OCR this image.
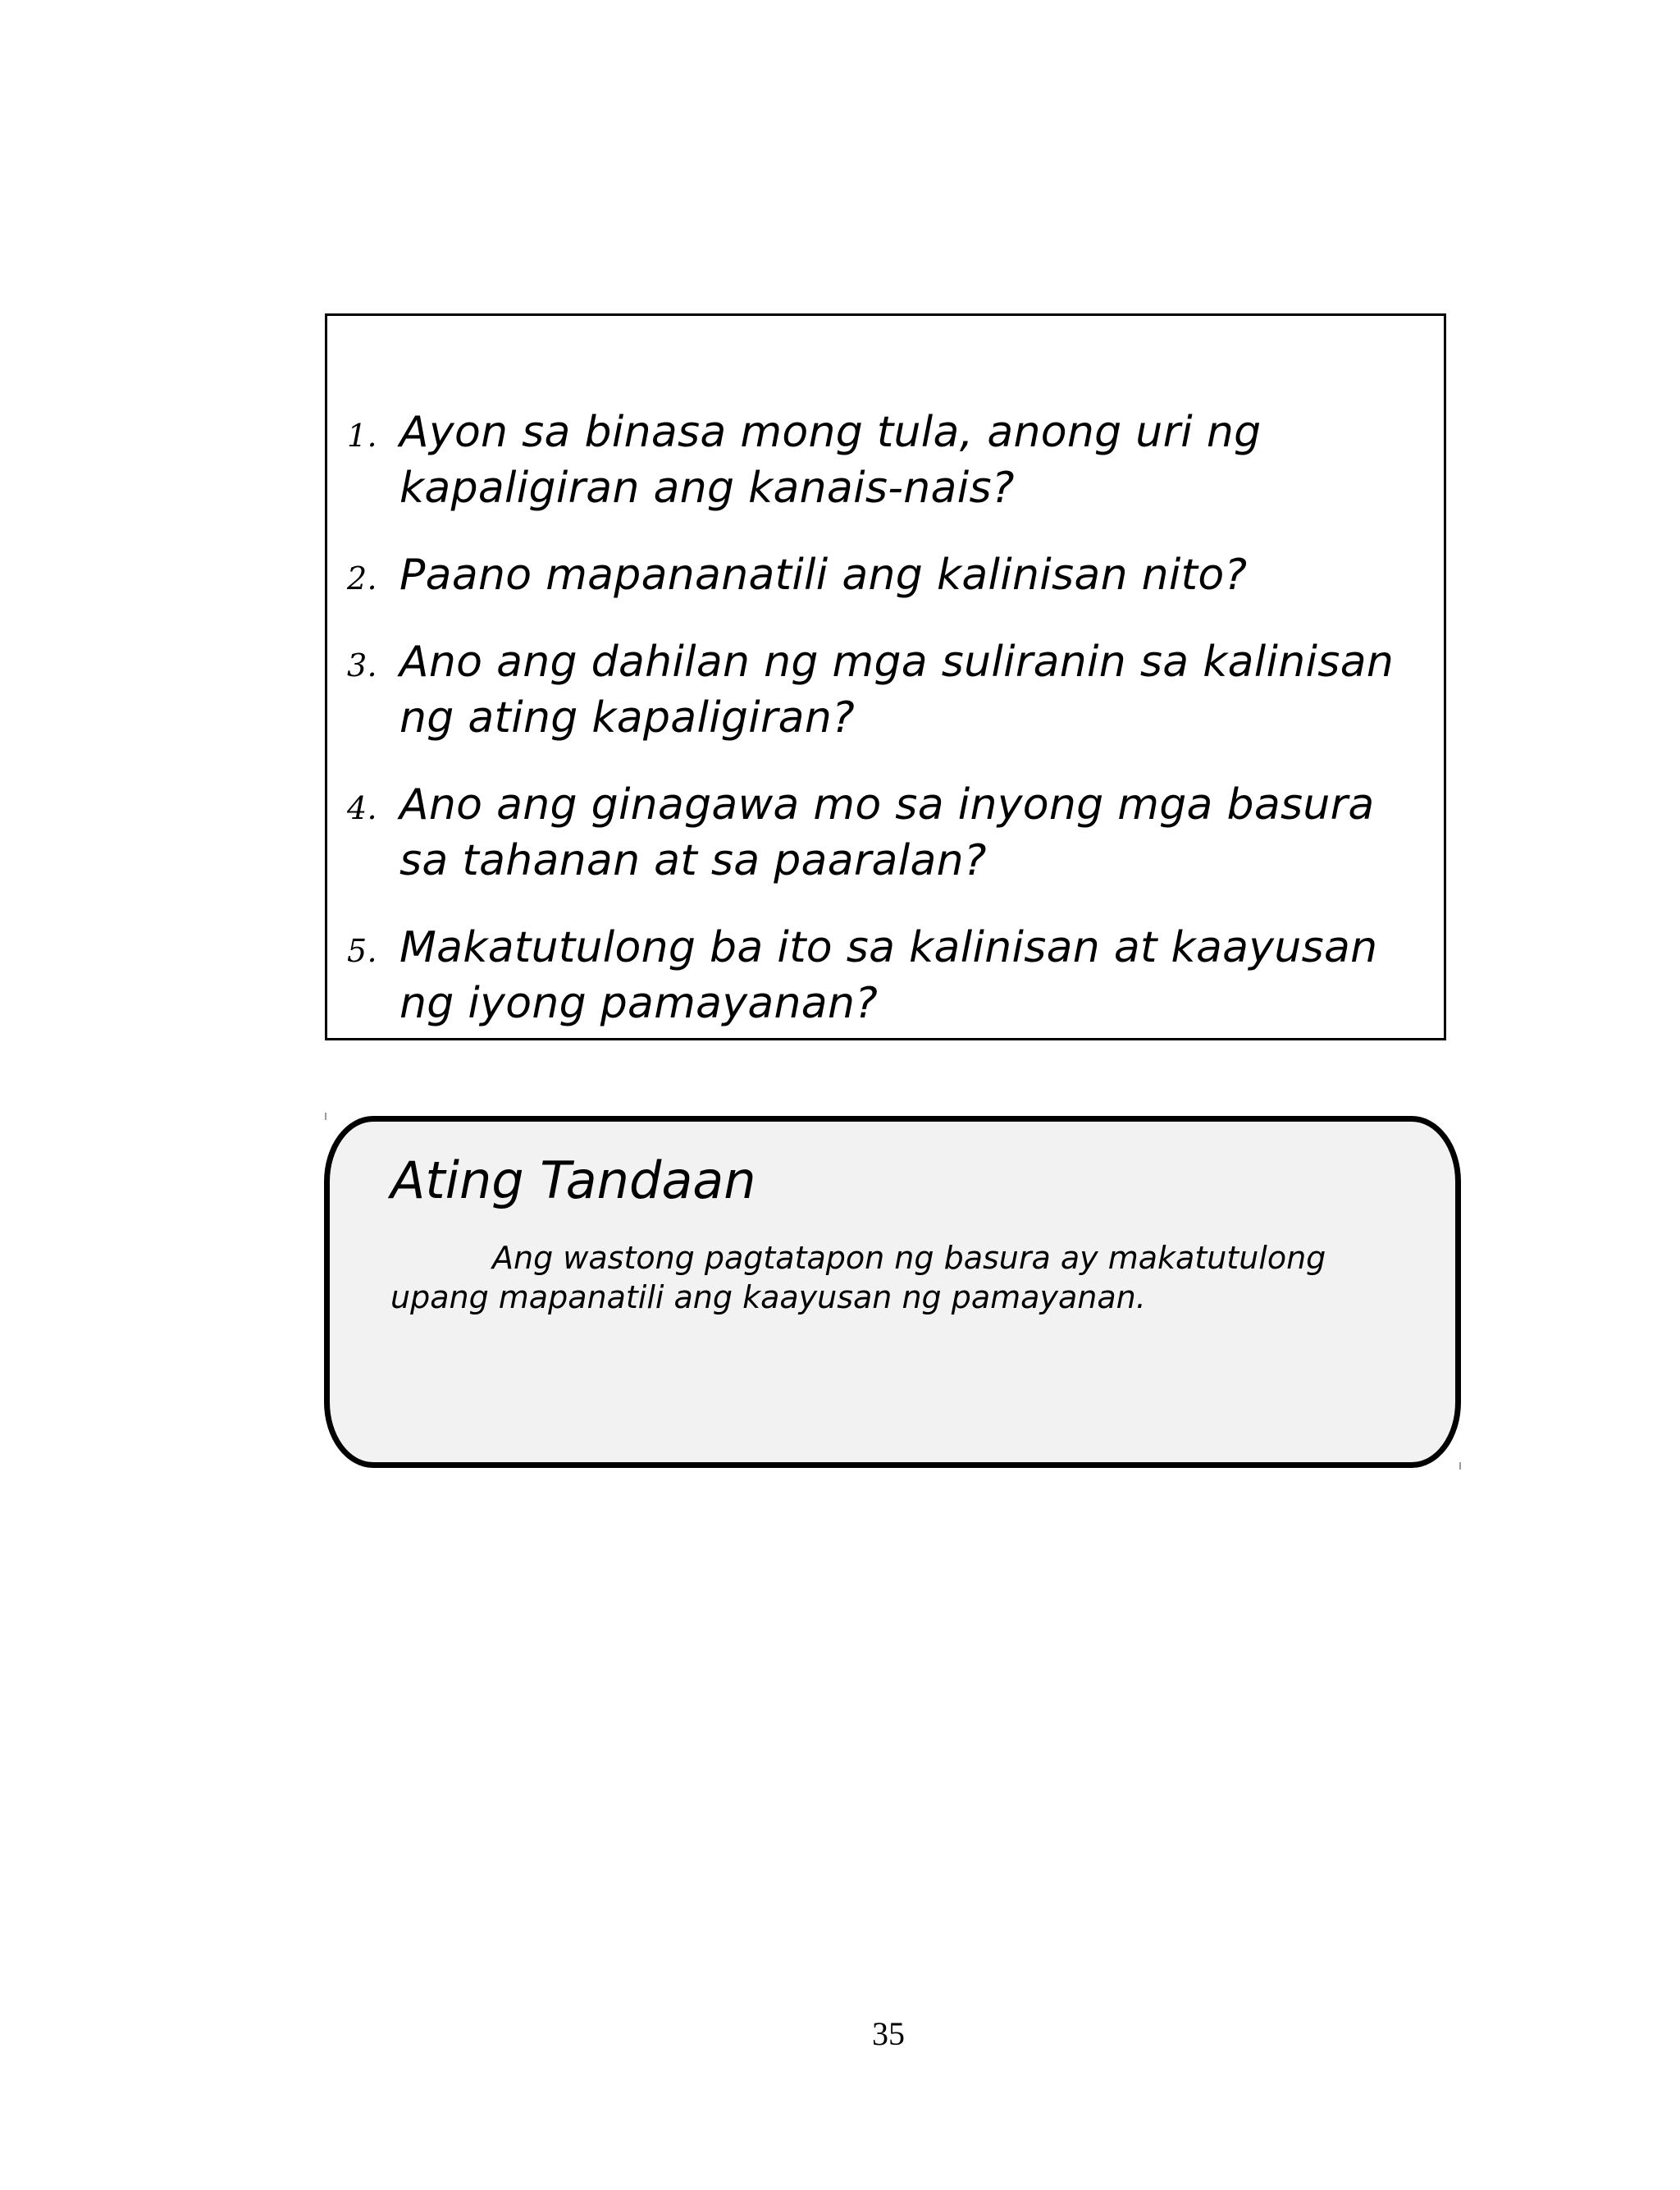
1. Ayon sa binasa mong tula, anong uri ng kapaligiran ang kanais-nais?
2. Paano mapananatili ang kalinisan nito?
3. Ano ang dahilan ng mga suliranin sa kalinisan ng ating kapaligiran?
4. Ano ang ginagawa mo sa inyong mga basura sa tahanan at sa paaralan?
5. Makatutulong ba ito sa kalinisan at kaayusan ng iyong pamayanan?
Ating Tandaan

Ang wastong pagtatapon ng basura ay makatutulong upang mapanatili ang kaayusan ng pamayanan.

35
